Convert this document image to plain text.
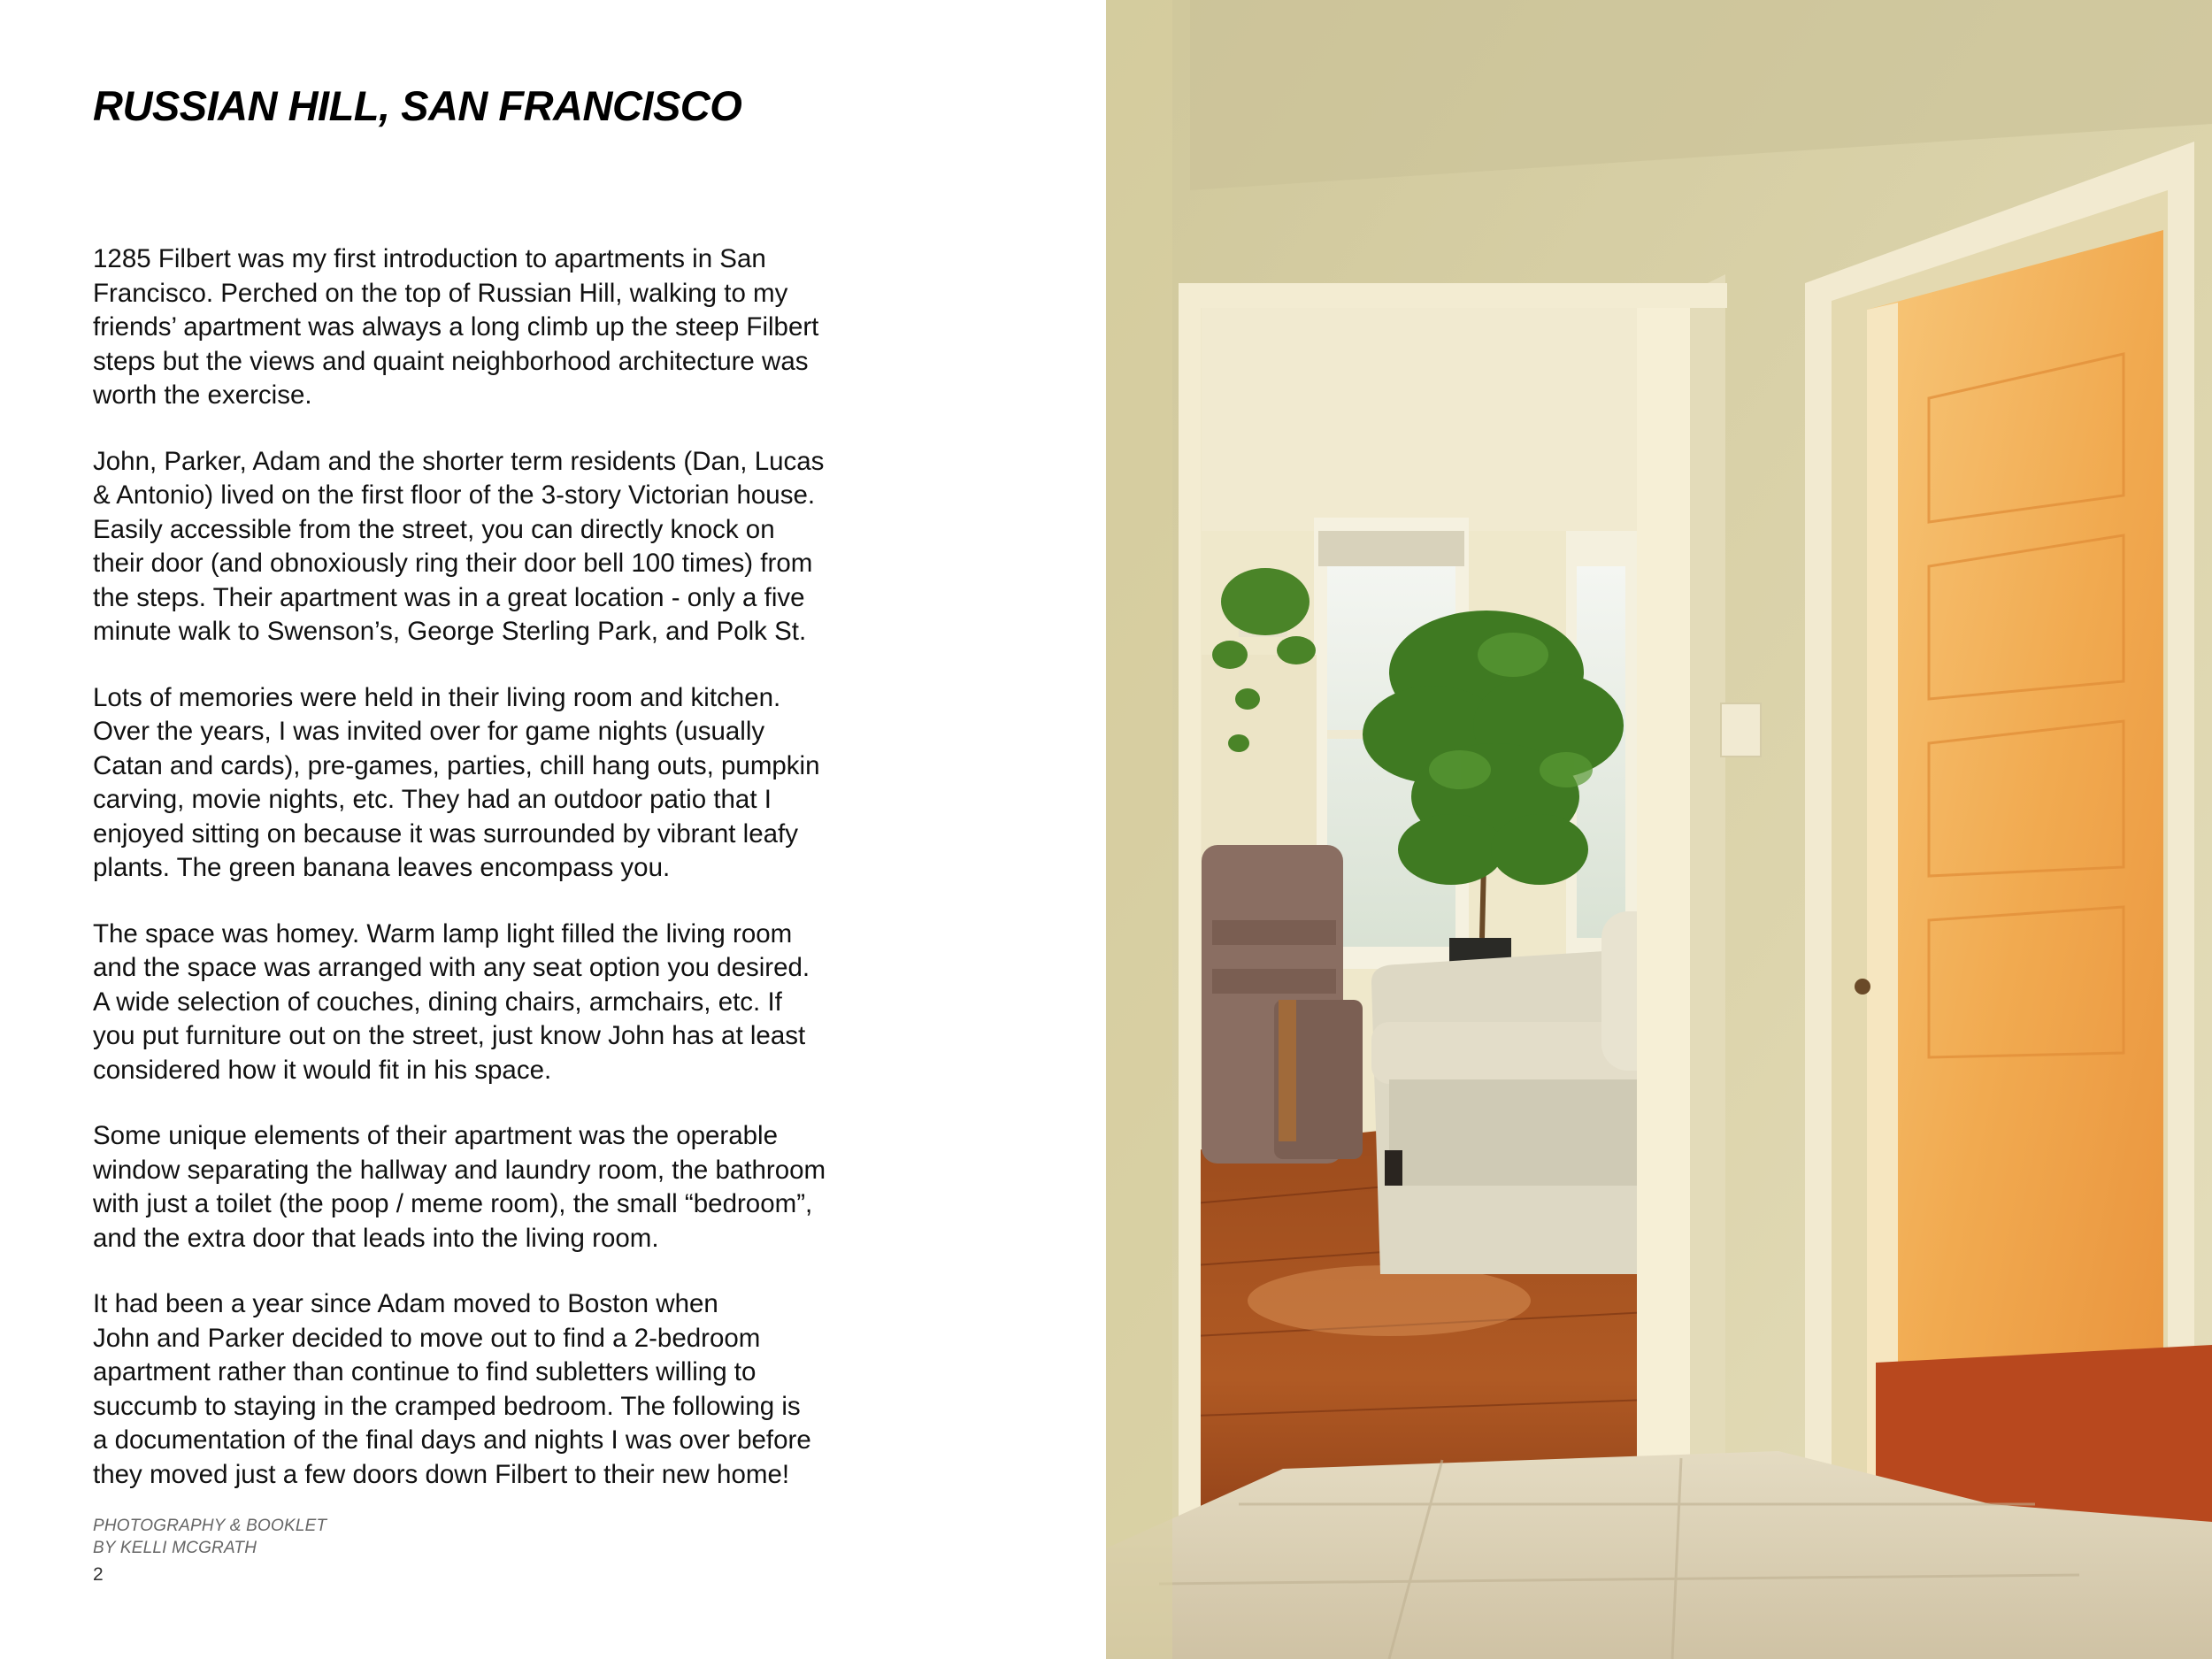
RUSSIAN HILL, SAN FRANCISCO

1285 Filbert was my first introduction to apartments in San
Francisco. Perched on the top of Russian Hill, walking to my
friends’ apartment was always a long climb up the steep Filbert
steps but the views and quaint neighborhood architecture was
worth the exercise.

John, Parker, Adam and the shorter term residents (Dan, Lucas
& Antonio) lived on the first floor of the 3-story Victorian house.
Easily accessible from the street, you can directly knock on
their door (and obnoxiously ring their door bell 100 times) from
the steps. Their apartment was in a great location - only a five
minute walk to Swenson’s, George Sterling Park, and Polk St.

Lots of memories were held in their living room and kitchen.
Over the years, I was invited over for game nights (usually
Catan and cards), pre-games, parties, chill hang outs, pumpkin
carving, movie nights, etc. They had an outdoor patio that I
enjoyed sitting on because it was surrounded by vibrant leafy
plants. The green banana leaves encompass you.

The space was homey. Warm lamp light filled the living room
and the space was arranged with any seat option you desired.
A wide selection of couches, dining chairs, armchairs, etc. If
you put furniture out on the street, just know John has at least
considered how it would fit in his space.

Some unique elements of their apartment was the operable
window separating the hallway and laundry room, the bathroom
with just a toilet (the poop / meme room), the small “bedroom”,
and the extra door that leads into the living room.

It had been a year since Adam moved to Boston when
John and Parker decided to move out to find a 2-bedroom
apartment rather than continue to find subletters willing to
succumb to staying in the cramped bedroom. The following is
a documentation of the final days and nights I was over before
they moved just a few doors down Filbert to their new home!

PHOTOGRAPHY & BOOKLET
BY KELLI MCGRATH
2
